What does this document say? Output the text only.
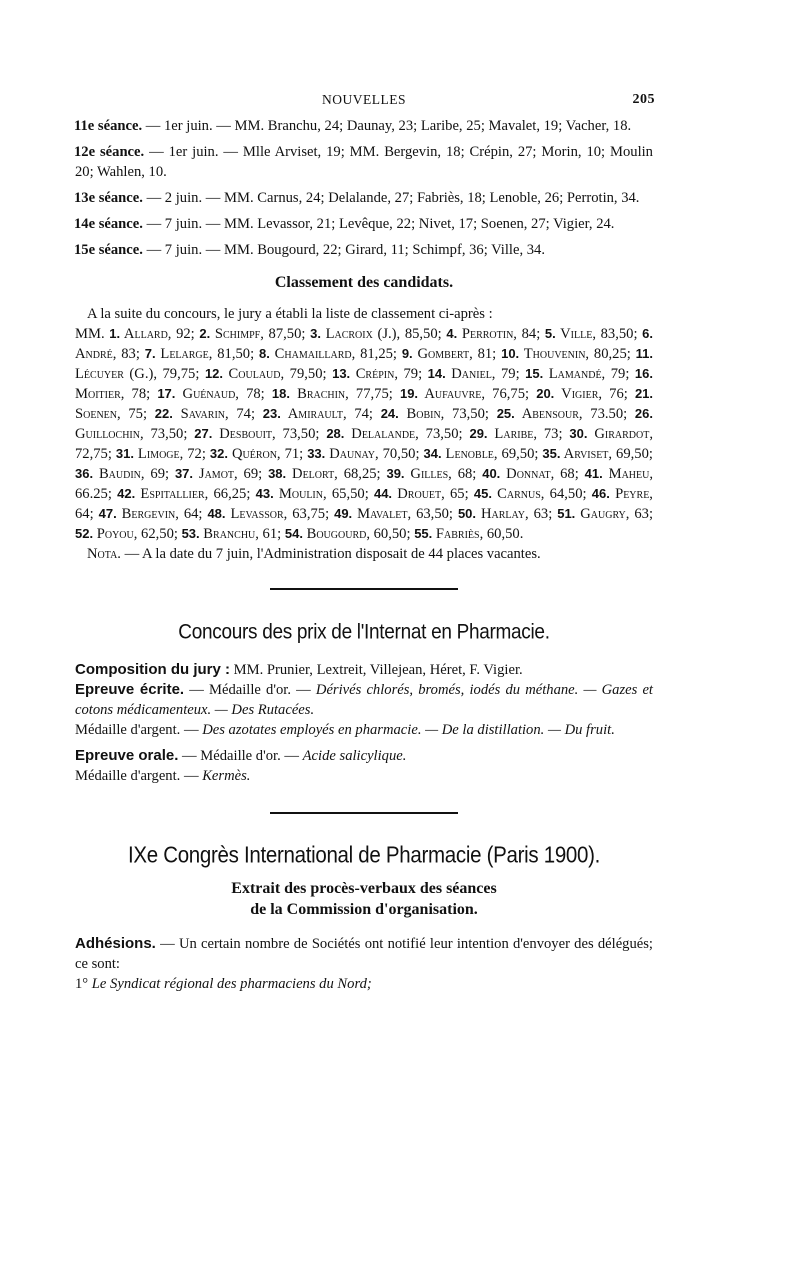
NOUVELLES	205

11e séance. — 1er juin. — MM. Branchu, 24; Daunay, 23; Laribe, 25; Mavalet, 19; Vacher, 18.

12e séance. — 1er juin. — Mlle Arviset, 19; MM. Bergevin, 18; Crépin, 27; Morin, 10; Moulin 20; Wahlen, 10.

13e séance. — 2 juin. — MM. Carnus, 24; Delalande, 27; Fabriès, 18; Lenoble, 26; Perrotin, 34.

14e séance. — 7 juin. — MM. Levassor, 21; Levêque, 22; Nivet, 17; Soenen, 27; Vigier, 24.

15e séance. — 7 juin. — MM. Bougourd, 22; Girard, 11; Schimpf, 36; Ville, 34.

Classement des candidats.

A la suite du concours, le jury a établi la liste de classement ci-après :

MM. 1. Allard, 92; 2. Schimpf, 87,50; 3. Lacroix (J.), 85,50; 4. Perrotin, 84; 5. Ville, 83,50; 6. André, 83; 7. Lelarge, 81,50; 8. Chamaillard, 81,25; 9. Gombert, 81; 10. Thouvenin, 80,25; 11. Lécuyer (G.), 79,75; 12. Coulaud, 79,50; 13. Crépin, 79; 14. Daniel, 79; 15. Lamandé, 79; 16. Moitier, 78; 17. Guénaud, 78; 18. Brachin, 77,75; 19. Aufauvre, 76,75; 20. Vigier, 76; 21. Soenen, 75; 22. Savarin, 74; 23. Amirault, 74; 24. Bobin, 73,50; 25. Abensour, 73.50; 26. Guillochin, 73,50; 27. Desbouit, 73,50; 28. Delalande, 73,50; 29. Laribe, 73; 30. Girardot, 72,75; 31. Limoge, 72; 32. Quéron, 71; 33. Daunay, 70,50; 34. Lenoble, 69,50; 35. Arviset, 69,50; 36. Baudin, 69; 37. Jamot, 69; 38. Delort, 68,25; 39. Gilles, 68; 40. Donnat, 68; 41. Maheu, 66.25; 42. Espitallier, 66,25; 43. Moulin, 65,50; 44. Drouet, 65; 45. Carnus, 64,50; 46. Peyre, 64; 47. Bergevin, 64; 48. Levassor, 63,75; 49. Mavalet, 63,50; 50. Harlay, 63; 51. Gaugry, 63; 52. Poyou, 62,50; 53. Branchu, 61; 54. Bougourd, 60,50; 55. Fabriès, 60,50.

Nota. — A la date du 7 juin, l'Administration disposait de 44 places vacantes.

Concours des prix de l'Internat en Pharmacie.

Composition du jury : MM. Prunier, Lextreit, Villejean, Héret, F. Vigier.

Epreuve écrite. — Médaille d'or. — Dérivés chlorés, bromés, iodés du méthane. — Gazes et cotons médicamenteux. — Des Rutacées.

Médaille d'argent. — Des azotates employés en pharmacie. — De la distillation. — Du fruit.

Epreuve orale. — Médaille d'or. — Acide salicylique.

Médaille d'argent. — Kermès.

IXe Congrès International de Pharmacie (Paris 1900).
Extrait des procès-verbaux des séances
de la Commission d'organisation.

Adhésions. — Un certain nombre de Sociétés ont notifié leur intention d'envoyer des délégués; ce sont:

1° Le Syndicat régional des pharmaciens du Nord;
